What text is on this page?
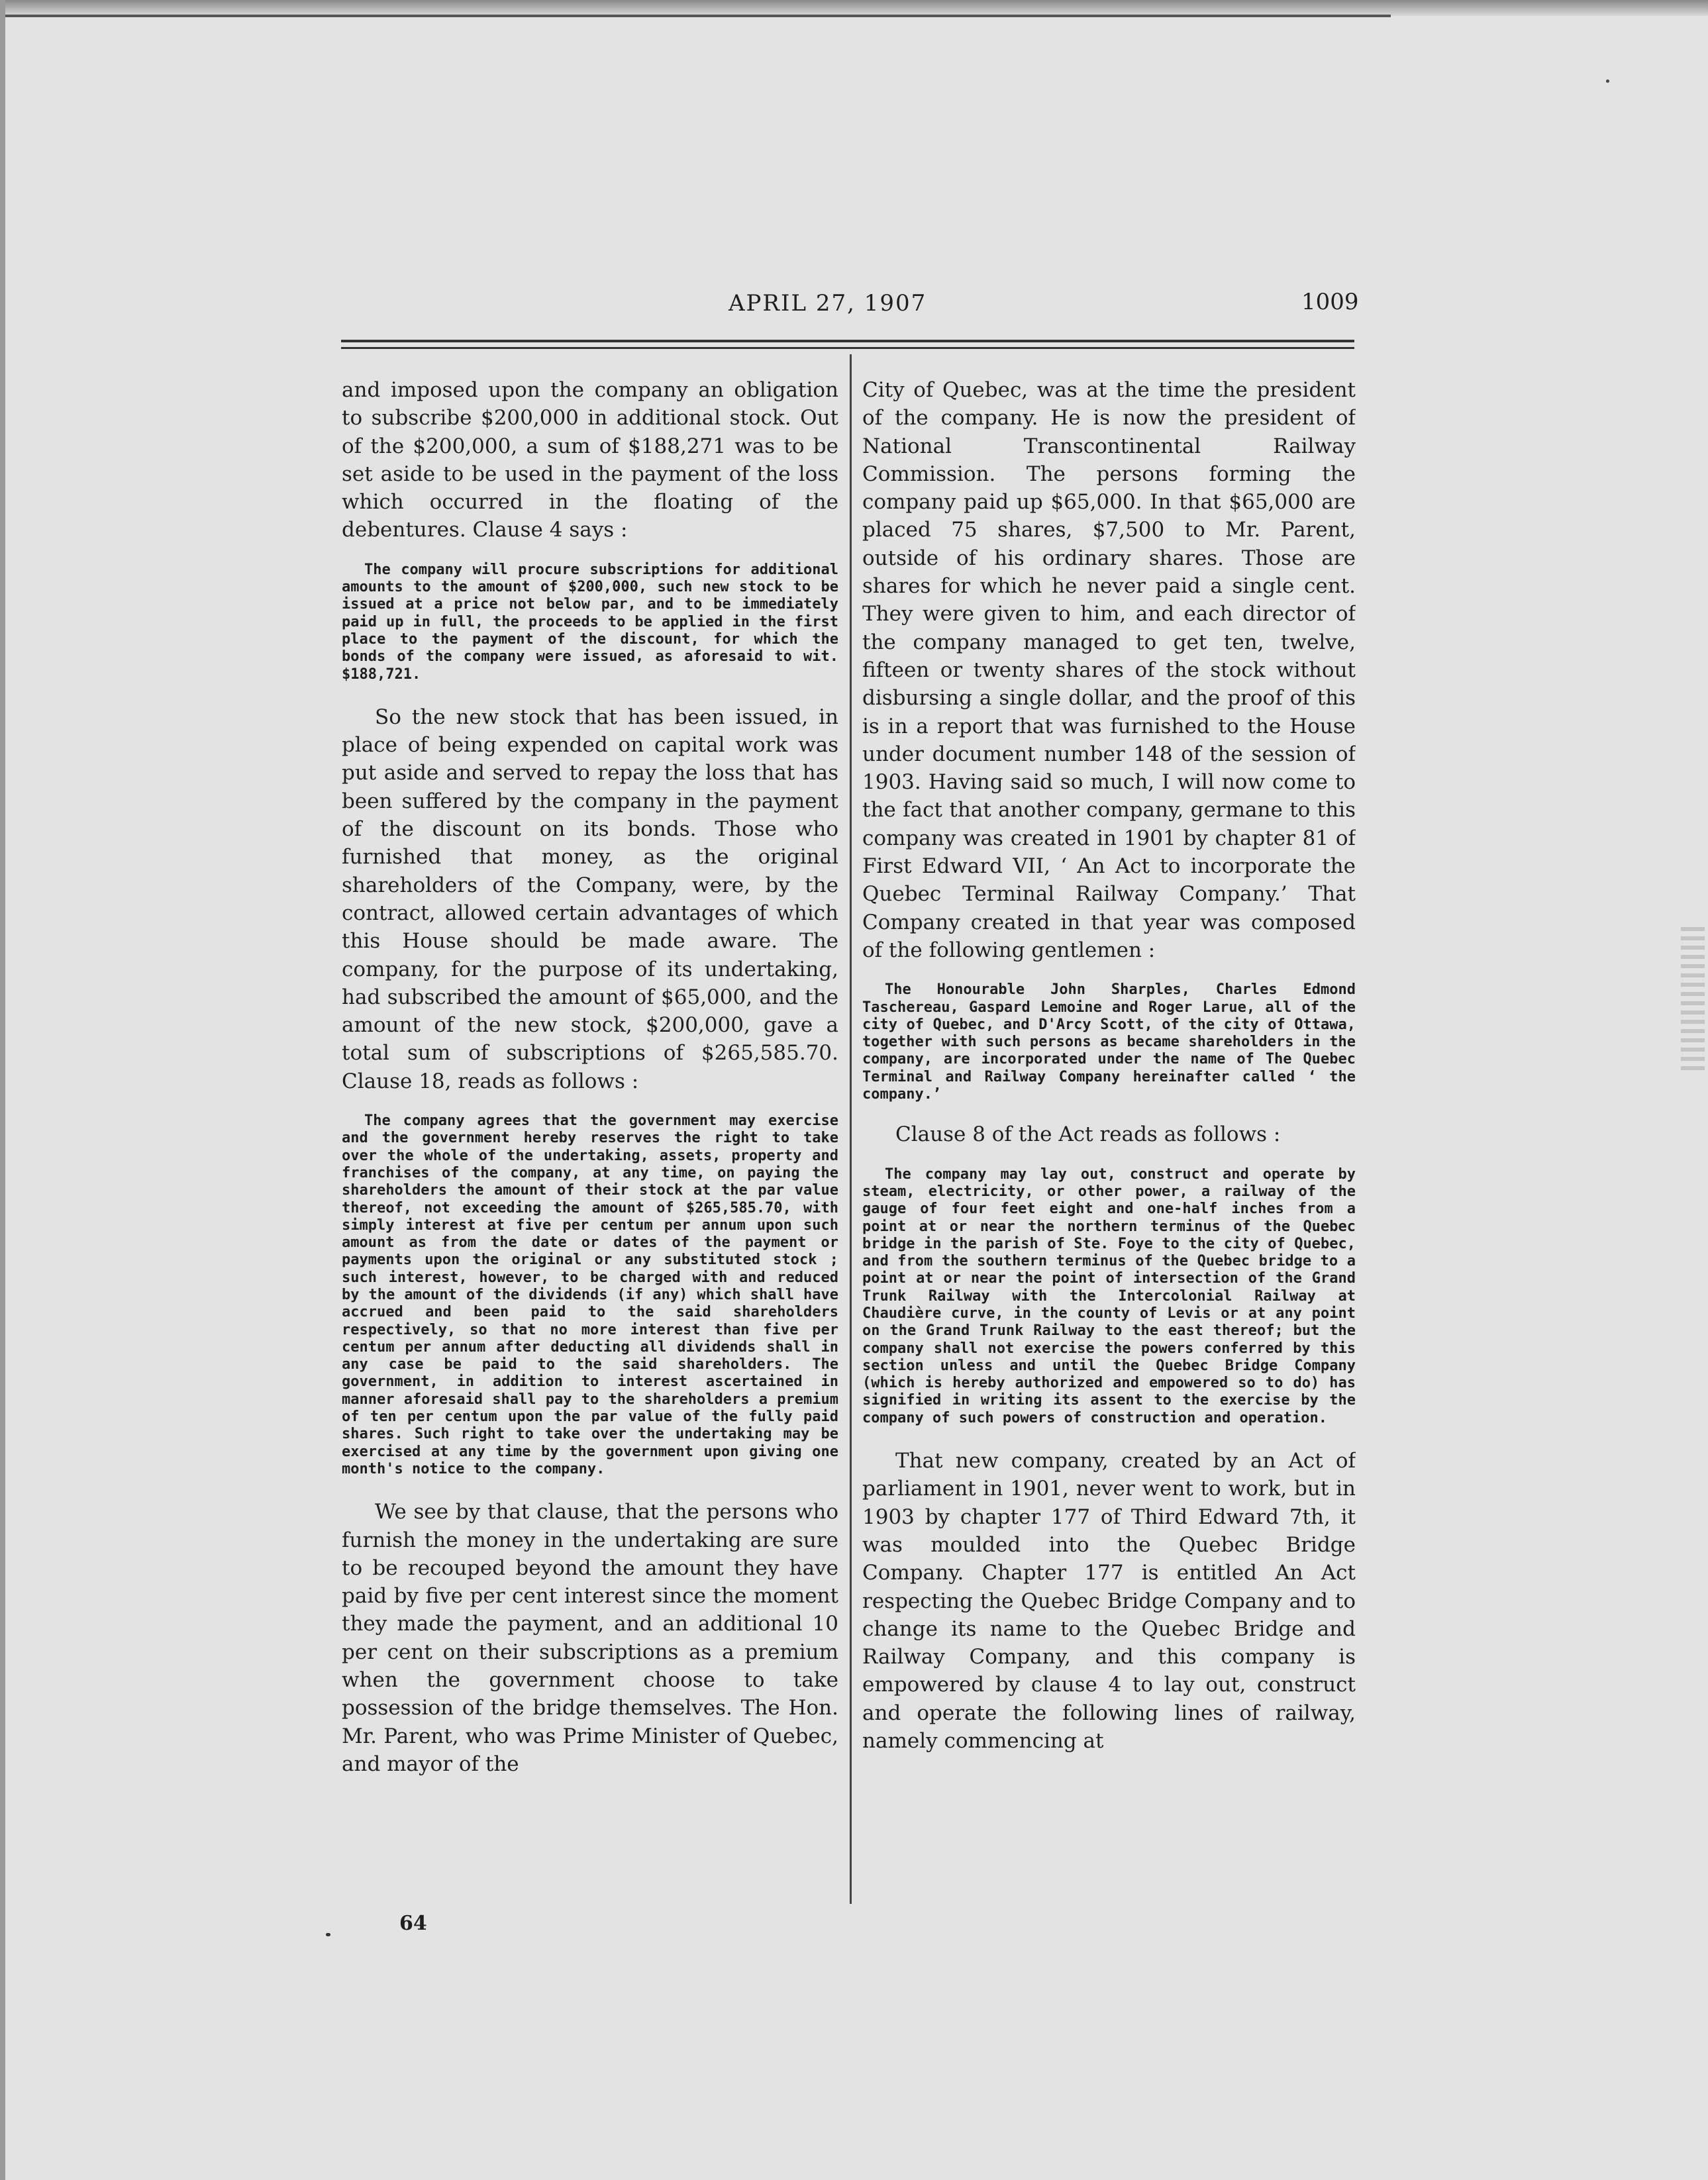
APRIL 27, 1907	1009

and imposed upon the company an obligation to subscribe $200,000 in additional stock. Out of the $200,000, a sum of $188,271 was to be set aside to be used in the payment of the loss which occurred in the floating of the debentures. Clause 4 says :

The company will procure subscriptions for additional amounts to the amount of $200,000, such new stock to be issued at a price not below par, and to be immediately paid up in full, the proceeds to be applied in the first place to the payment of the discount, for which the bonds of the company were issued, as aforesaid to wit. $188,721.

So the new stock that has been issued, in place of being expended on capital work was put aside and served to repay the loss that has been suffered by the company in the payment of the discount on its bonds. Those who furnished that money, as the original shareholders of the Company, were, by the contract, allowed certain advantages of which this House should be made aware. The company, for the purpose of its undertaking, had subscribed the amount of $65,000, and the amount of the new stock, $200,000, gave a total sum of subscriptions of $265,585.70. Clause 18, reads as follows :

The company agrees that the government may exercise and the government hereby reserves the right to take over the whole of the undertaking, assets, property and franchises of the company, at any time, on paying the shareholders the amount of their stock at the par value thereof, not exceeding the amount of $265,585.70, with simply interest at five per centum per annum upon such amount as from the date or dates of the payment or payments upon the original or any substituted stock ; such interest, however, to be charged with and reduced by the amount of the dividends (if any) which shall have accrued and been paid to the said shareholders respectively, so that no more interest than five per centum per annum after deducting all dividends shall in any case be paid to the said shareholders. The government, in addition to interest ascertained in manner aforesaid shall pay to the shareholders a premium of ten per centum upon the par value of the fully paid shares. Such right to take over the undertaking may be exercised at any time by the government upon giving one month's notice to the company.

We see by that clause, that the persons who furnish the money in the undertaking are sure to be recouped beyond the amount they have paid by five per cent interest since the moment they made the payment, and an additional 10 per cent on their subscriptions as a premium when the government choose to take possession of the bridge themselves. The Hon. Mr. Parent, who was Prime Minister of Quebec, and mayor of the

City of Quebec, was at the time the president of the company. He is now the president of National Transcontinental Railway Commission. The persons forming the company paid up $65,000. In that $65,000 are placed 75 shares, $7,500 to Mr. Parent, outside of his ordinary shares. Those are shares for which he never paid a single cent. They were given to him, and each director of the company managed to get ten, twelve, fifteen or twenty shares of the stock without disbursing a single dollar, and the proof of this is in a report that was furnished to the House under document number 148 of the session of 1903. Having said so much, I will now come to the fact that another company, germane to this company was created in 1901 by chapter 81 of First Edward VII, ‘ An Act to incorporate the Quebec Terminal Railway Company.’ That Company created in that year was composed of the following gentlemen :

The Honourable John Sharples, Charles Edmond Taschereau, Gaspard Lemoine and Roger Larue, all of the city of Quebec, and D'Arcy Scott, of the city of Ottawa, together with such persons as became shareholders in the company, are incorporated under the name of The Quebec Terminal and Railway Company hereinafter called ‘ the company.’

Clause 8 of the Act reads as follows :

The company may lay out, construct and operate by steam, electricity, or other power, a railway of the gauge of four feet eight and one-half inches from a point at or near the northern terminus of the Quebec bridge in the parish of Ste. Foye to the city of Quebec, and from the southern terminus of the Quebec bridge to a point at or near the point of intersection of the Grand Trunk Railway with the Intercolonial Railway at Chaudière curve, in the county of Levis or at any point on the Grand Trunk Railway to the east thereof; but the company shall not exercise the powers conferred by this section unless and until the Quebec Bridge Company (which is hereby authorized and empowered so to do) has signified in writing its assent to the exercise by the company of such powers of construction and operation.

That new company, created by an Act of parliament in 1901, never went to work, but in 1903 by chapter 177 of Third Edward 7th, it was moulded into the Quebec Bridge Company. Chapter 177 is entitled An Act respecting the Quebec Bridge Company and to change its name to the Quebec Bridge and Railway Company, and this company is empowered by clause 4 to lay out, construct and operate the following lines of railway, namely commencing at

64
